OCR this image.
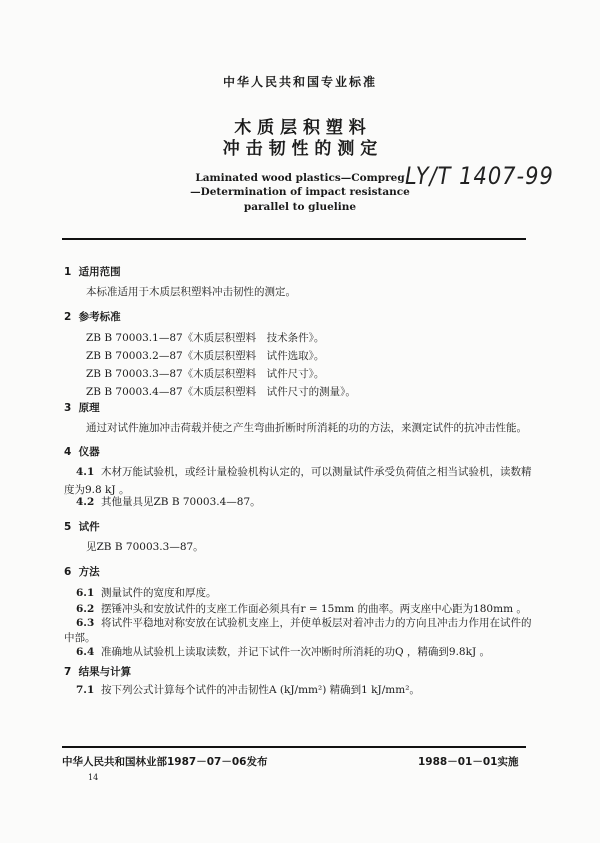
中华人民共和国专业标准
木 质 层 积 塑 料
冲 击 韧 性 的 测 定
Laminated wood plastics—Compreg
—Determination of impact resistance
parallel to glueline
LY/T 1407-99
1 适用范围
本标准适用于木质层积塑料冲击韧性的测定。
2 参考标准
ZB B 70003.1—87《木质层积塑料　技术条件》。
ZB B 70003.2—87《木质层积塑料　试件选取》。
ZB B 70003.3—87《木质层积塑料　试件尺寸》。
ZB B 70003.4—87《木质层积塑料　试件尺寸的测量》。
3 原理
通过对试件施加冲击荷载并使之产生弯曲折断时所消耗的功的方法，来测定试件的抗冲击性能。
4 仪器
4.1 木材万能试验机，或经计量检验机构认定的，可以测量试件承受负荷值之相当试验机，读数精
度为9.8 kJ 。
4.2 其他量具见ZB B 70003.4—87。
5 试件
见ZB B 70003.3—87。
6 方法
6.1 测量试件的宽度和厚度。
6.2 摆锤冲头和安放试件的支座工作面必须具有r = 15mm 的曲率。两支座中心距为180mm 。
6.3 将试件平稳地对称安放在试验机支座上，并使单板层对着冲击力的方向且冲击力作用在试件的
中部。
6.4 准确地从试验机上读取读数，并记下试件一次冲断时所消耗的功Q ，精确到9.8kJ 。
7 结果与计算
7.1 按下列公式计算每个试件的冲击韧性A (kJ/mm²) 精确到1 kJ/mm²。
中华人民共和国林业部1987－07－06发布	1988－01－01实施
14
